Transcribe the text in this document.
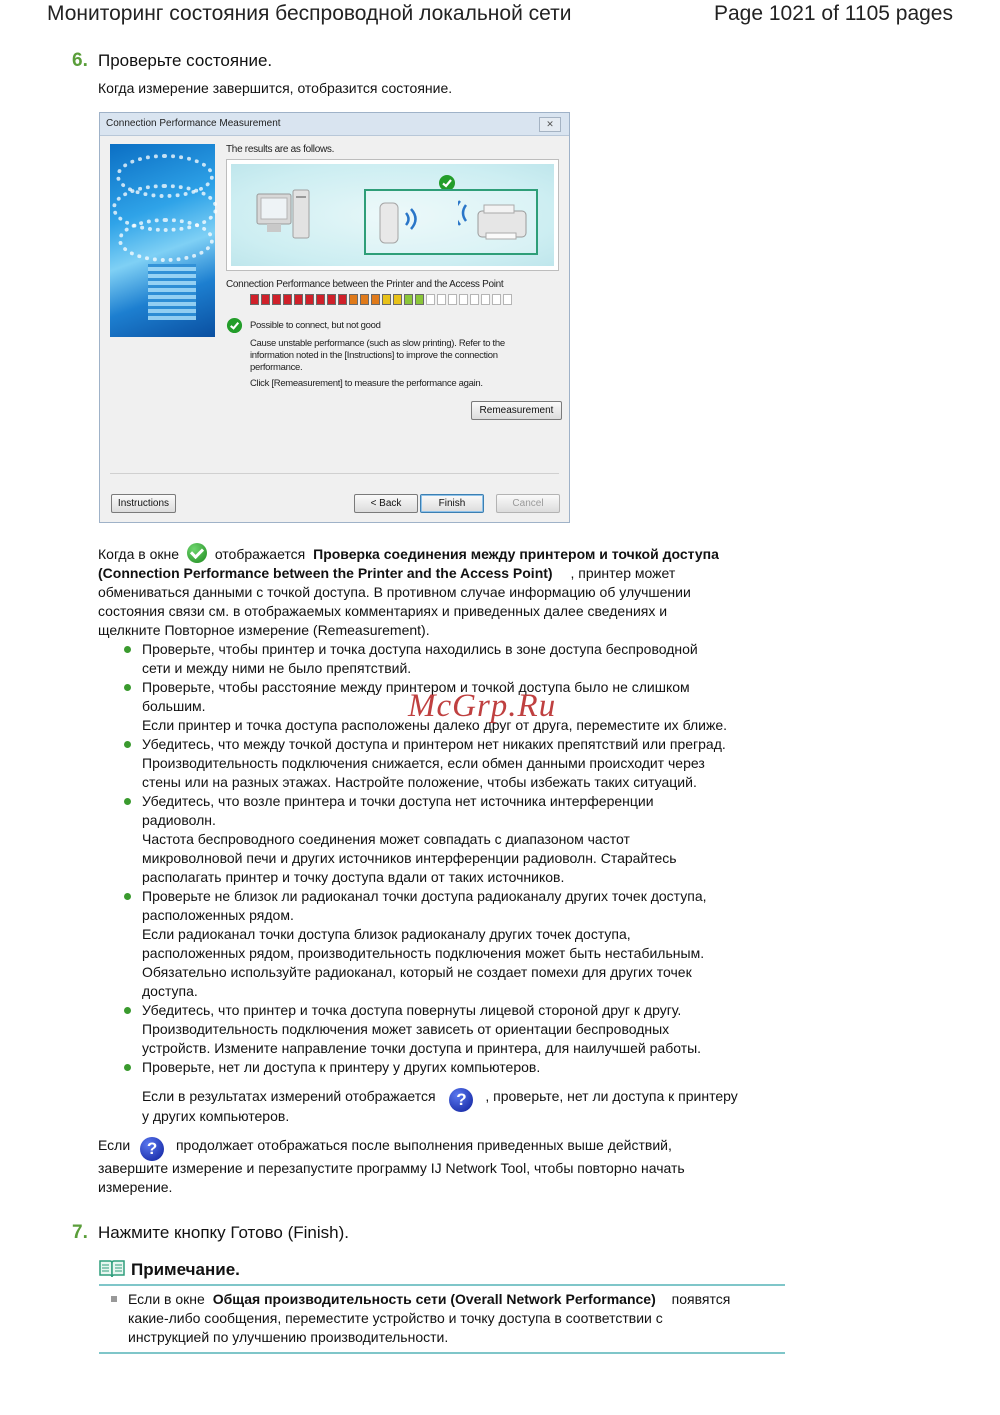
Мониторинг состояния беспроводной локальной сети	Page 1021 of 1105 pages
6. Проверьте состояние.
Когда измерение завершится, отобразится состояние.
Connection Performance Measurement	✕
The results are as follows.
Connection Performance between the Printer and the Access Point
Possible to connect, but not good
Cause unstable performance (such as slow printing). Refer to the
information noted in the [Instructions] to improve the connection
performance.
Click [Remeasurement] to measure the performance again.
Remeasurement
Instructions	< Back	Finish	Cancel
Когда в окне	отображается Проверка соединения между принтером и точкой доступа
(Connection Performance between the Printer and the Access Point) , принтер может
обмениваться данными с точкой доступа. В противном случае информацию об улучшении
состояния связи см. в отображаемых комментариях и приведенных далее сведениях и
щелкните Повторное измерение (Remeasurement).
Проверьте, чтобы принтер и точка доступа находились в зоне доступа беспроводной
сети и между ними не было препятствий.
Проверьте, чтобы расстояние между принтером и точкой доступа было не слишком
большим.
Если принтер и точка доступа расположены далеко друг от друга, переместите их ближе.
Убедитесь, что между точкой доступа и принтером нет никаких препятствий или преград.
Производительность подключения снижается, если обмен данными происходит через
стены или на разных этажах. Настройте положение, чтобы избежать таких ситуаций.
Убедитесь, что возле принтера и точки доступа нет источника интерференции
радиоволн.
Частота беспроводного соединения может совпадать с диапазоном частот
микроволновой печи и других источников интерференции радиоволн. Старайтесь
располагать принтер и точку доступа вдали от таких источников.
Проверьте не близок ли радиоканал точки доступа радиоканалу других точек доступа,
расположенных рядом.
Если радиоканал точки доступа близок радиоканалу других точек доступа,
расположенных рядом, производительность подключения может быть нестабильным.
Обязательно используйте радиоканал, который не создает помехи для других точек
доступа.
Убедитесь, что принтер и точка доступа повернуты лицевой стороной друг к другу.
Производительность подключения может зависеть от ориентации беспроводных
устройств. Измените направление точки доступа и принтера, для наилучшей работы.
Проверьте, нет ли доступа к принтеру у других компьютеров.
Если в результатах измерений отображается ? , проверьте, нет ли доступа к принтеру
у других компьютеров.
Если ? продолжает отображаться после выполнения приведенных выше действий,
завершите измерение и перезапустите программу IJ Network Tool, чтобы повторно начать
измерение.
7. Нажмите кнопку Готово (Finish).
Примечание.
Если в окне Общая производительность сети (Overall Network Performance) появятся
какие-либо сообщения, переместите устройство и точку доступа в соответствии с
инструкцией по улучшению производительности.
McGrp.Ru
